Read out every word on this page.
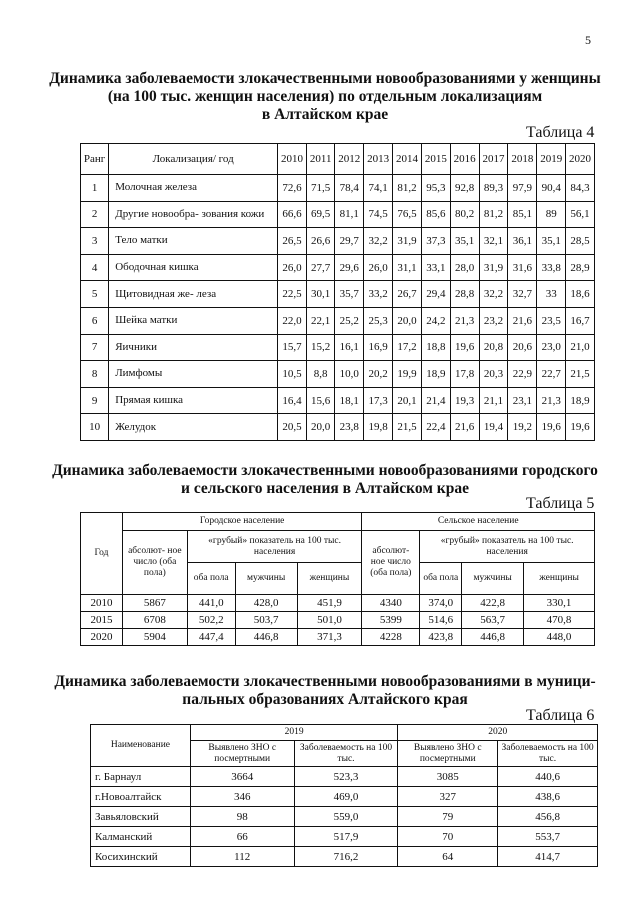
5
Динамика заболеваемости злокачественными новообразованиями у женщины
(на 100 тыс. женщин населения) по отдельным локализациям
в Алтайском крае
Таблица 4
Ранг	Локализация/ год	2010	2011	2012	2013	2014	2015	2016	2017	2018	2019	2020
1	Молочная железа	72,6	71,5	78,4	74,1	81,2	95,3	92,8	89,3	97,9	90,4	84,3
2	Другие новообра- зования кожи	66,6	69,5	81,1	74,5	76,5	85,6	80,2	81,2	85,1	89	56,1
3	Тело матки	26,5	26,6	29,7	32,2	31,9	37,3	35,1	32,1	36,1	35,1	28,5
4	Ободочная кишка	26,0	27,7	29,6	26,0	31,1	33,1	28,0	31,9	31,6	33,8	28,9
5	Щитовидная же- леза	22,5	30,1	35,7	33,2	26,7	29,4	28,8	32,2	32,7	33	18,6
6	Шейка матки	22,0	22,1	25,2	25,3	20,0	24,2	21,3	23,2	21,6	23,5	16,7
7	Яичники	15,7	15,2	16,1	16,9	17,2	18,8	19,6	20,8	20,6	23,0	21,0
8	Лимфомы	10,5	8,8	10,0	20,2	19,9	18,9	17,8	20,3	22,9	22,7	21,5
9	Прямая кишка	16,4	15,6	18,1	17,3	20,1	21,4	19,3	21,1	23,1	21,3	18,9
10	Желудок	20,5	20,0	23,8	19,8	21,5	22,4	21,6	19,4	19,2	19,6	19,6
Динамика заболеваемости злокачественными новообразованиями городского
и сельского населения в Алтайском крае
Таблица 5
Год	Городское население				Сельское население			
	абсолют- ное число (оба пола)	«грубый» показатель на 100 тыс. населения			абсолют- ное число (оба пола)	«грубый» показатель на 100 тыс. населения		
		оба пола	мужчины	женщины		оба пола	мужчины	женщины
2010	5867	441,0	428,0	451,9	4340	374,0	422,8	330,1
2015	6708	502,2	503,7	501,0	5399	514,6	563,7	470,8
2020	5904	447,4	446,8	371,3	4228	423,8	446,8	448,0
Динамика заболеваемости злокачественными новообразованиями в муници-
пальных образованиях Алтайского края
Таблица 6
Наименование	2019		2020	
	Выявлено ЗНО с посмертными	Заболеваемость на 100 тыс.	Выявлено ЗНО с посмертными	Заболеваемость на 100 тыс.
г. Барнаул	3664	523,3	3085	440,6
г.Новоалтайск	346	469,0	327	438,6
Завьяловский	98	559,0	79	456,8
Калманский	66	517,9	70	553,7
Косихинский	112	716,2	64	414,7
